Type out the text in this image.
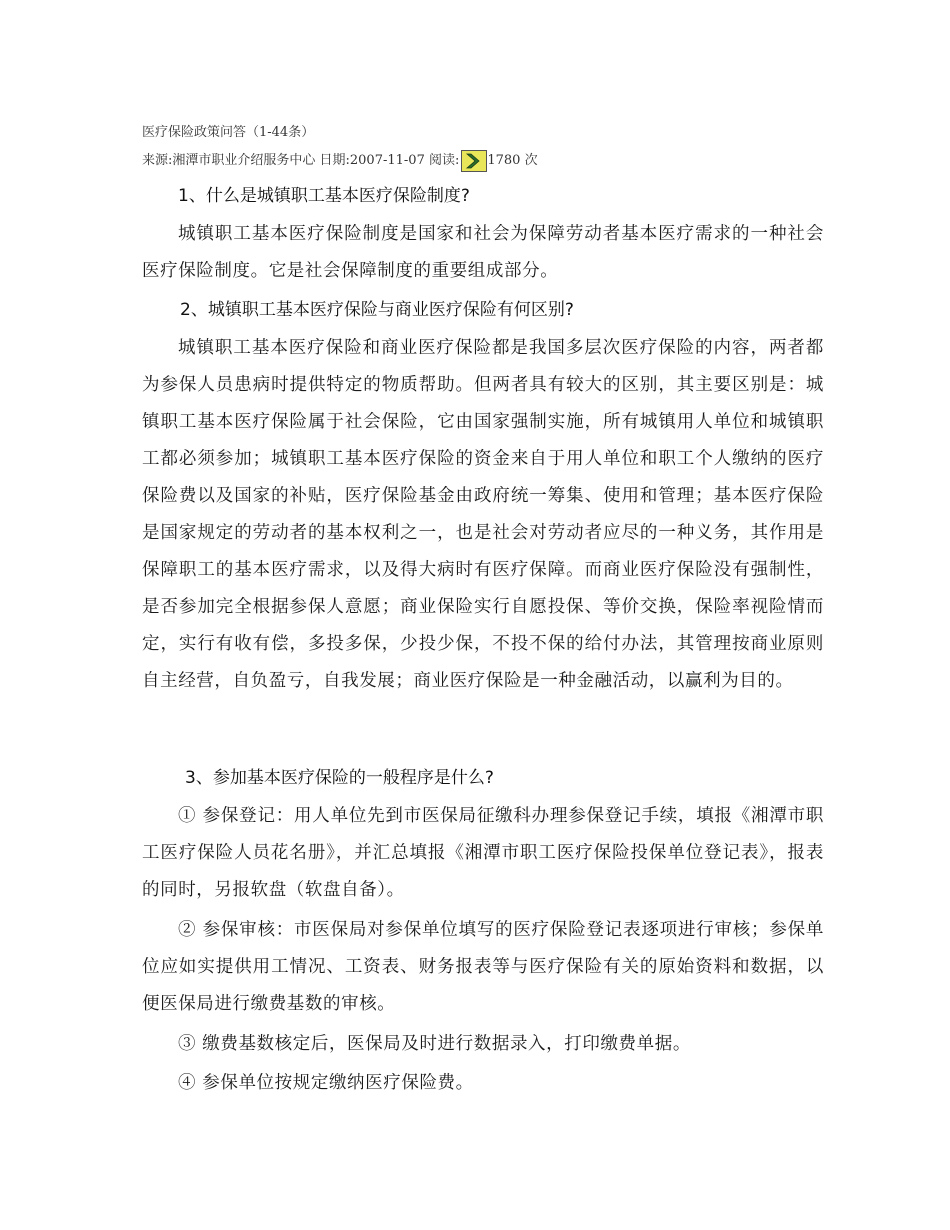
医疗保险政策问答（1-44条）
来源:湘潭市职业介绍服务中心 日期:2007-11-07 阅读: 1780 次
1、什么是城镇职工基本医疗保险制度?
城镇职工基本医疗保险制度是国家和社会为保障劳动者基本医疗需求的一种社会医疗保险制度。它是社会保障制度的重要组成部分。
2、城镇职工基本医疗保险与商业医疗保险有何区别?
城镇职工基本医疗保险和商业医疗保险都是我国多层次医疗保险的内容，两者都为参保人员患病时提供特定的物质帮助。但两者具有较大的区别，其主要区别是：城镇职工基本医疗保险属于社会保险，它由国家强制实施，所有城镇用人单位和城镇职工都必须参加；城镇职工基本医疗保险的资金来自于用人单位和职工个人缴纳的医疗保险费以及国家的补贴，医疗保险基金由政府统一筹集、使用和管理；基本医疗保险是国家规定的劳动者的基本权利之一，也是社会对劳动者应尽的一种义务，其作用是保障职工的基本医疗需求，以及得大病时有医疗保障。而商业医疗保险没有强制性，是否参加完全根据参保人意愿；商业保险实行自愿投保、等价交换，保险率视险情而定，实行有收有偿，多投多保，少投少保，不投不保的给付办法，其管理按商业原则自主经营，自负盈亏，自我发展；商业医疗保险是一种金融活动，以赢利为目的。
3、参加基本医疗保险的一般程序是什么?
① 参保登记：用人单位先到市医保局征缴科办理参保登记手续，填报《湘潭市职工医疗保险人员花名册》，并汇总填报《湘潭市职工医疗保险投保单位登记表》，报表的同时，另报软盘（软盘自备）。
② 参保审核：市医保局对参保单位填写的医疗保险登记表逐项进行审核；参保单位应如实提供用工情况、工资表、财务报表等与医疗保险有关的原始资料和数据，以便医保局进行缴费基数的审核。
③ 缴费基数核定后，医保局及时进行数据录入，打印缴费单据。
④ 参保单位按规定缴纳医疗保险费。
